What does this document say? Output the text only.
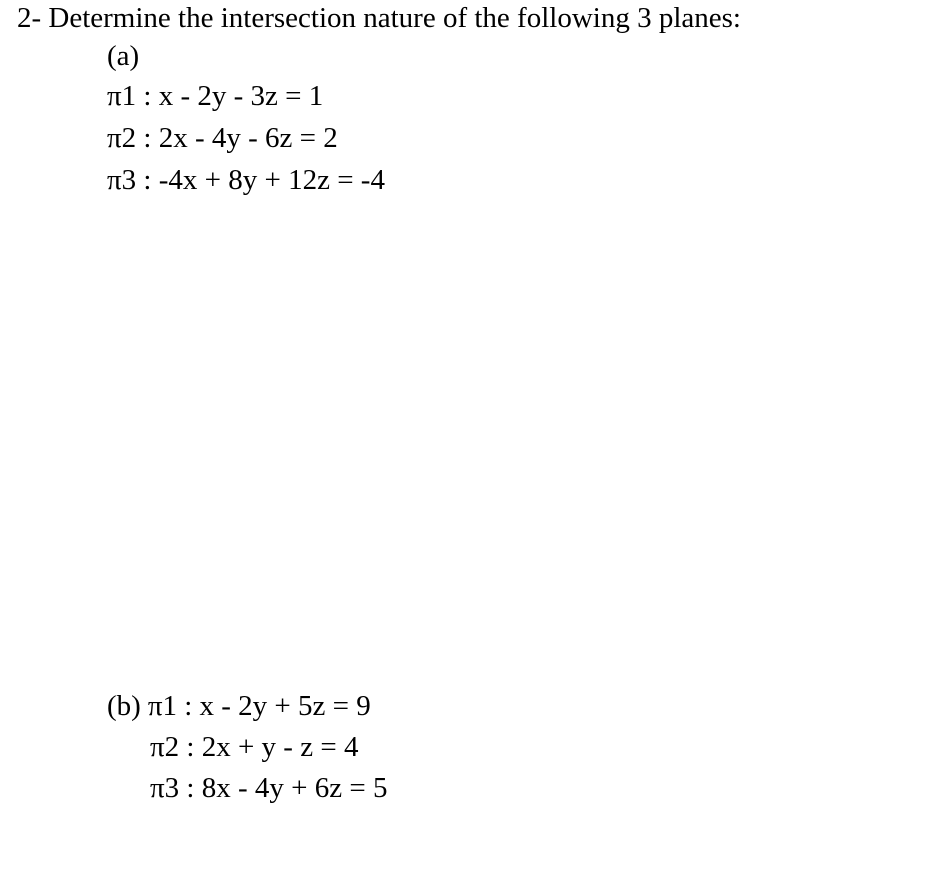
2- Determine the intersection nature of the following 3 planes:
(a)
π1 : x - 2y - 3z = 1
π2 : 2x - 4y - 6z = 2
π3 : -4x + 8y + 12z = -4
(b) π1 : x - 2y + 5z = 9
π2 : 2x + y - z = 4
π3 : 8x - 4y + 6z = 5
